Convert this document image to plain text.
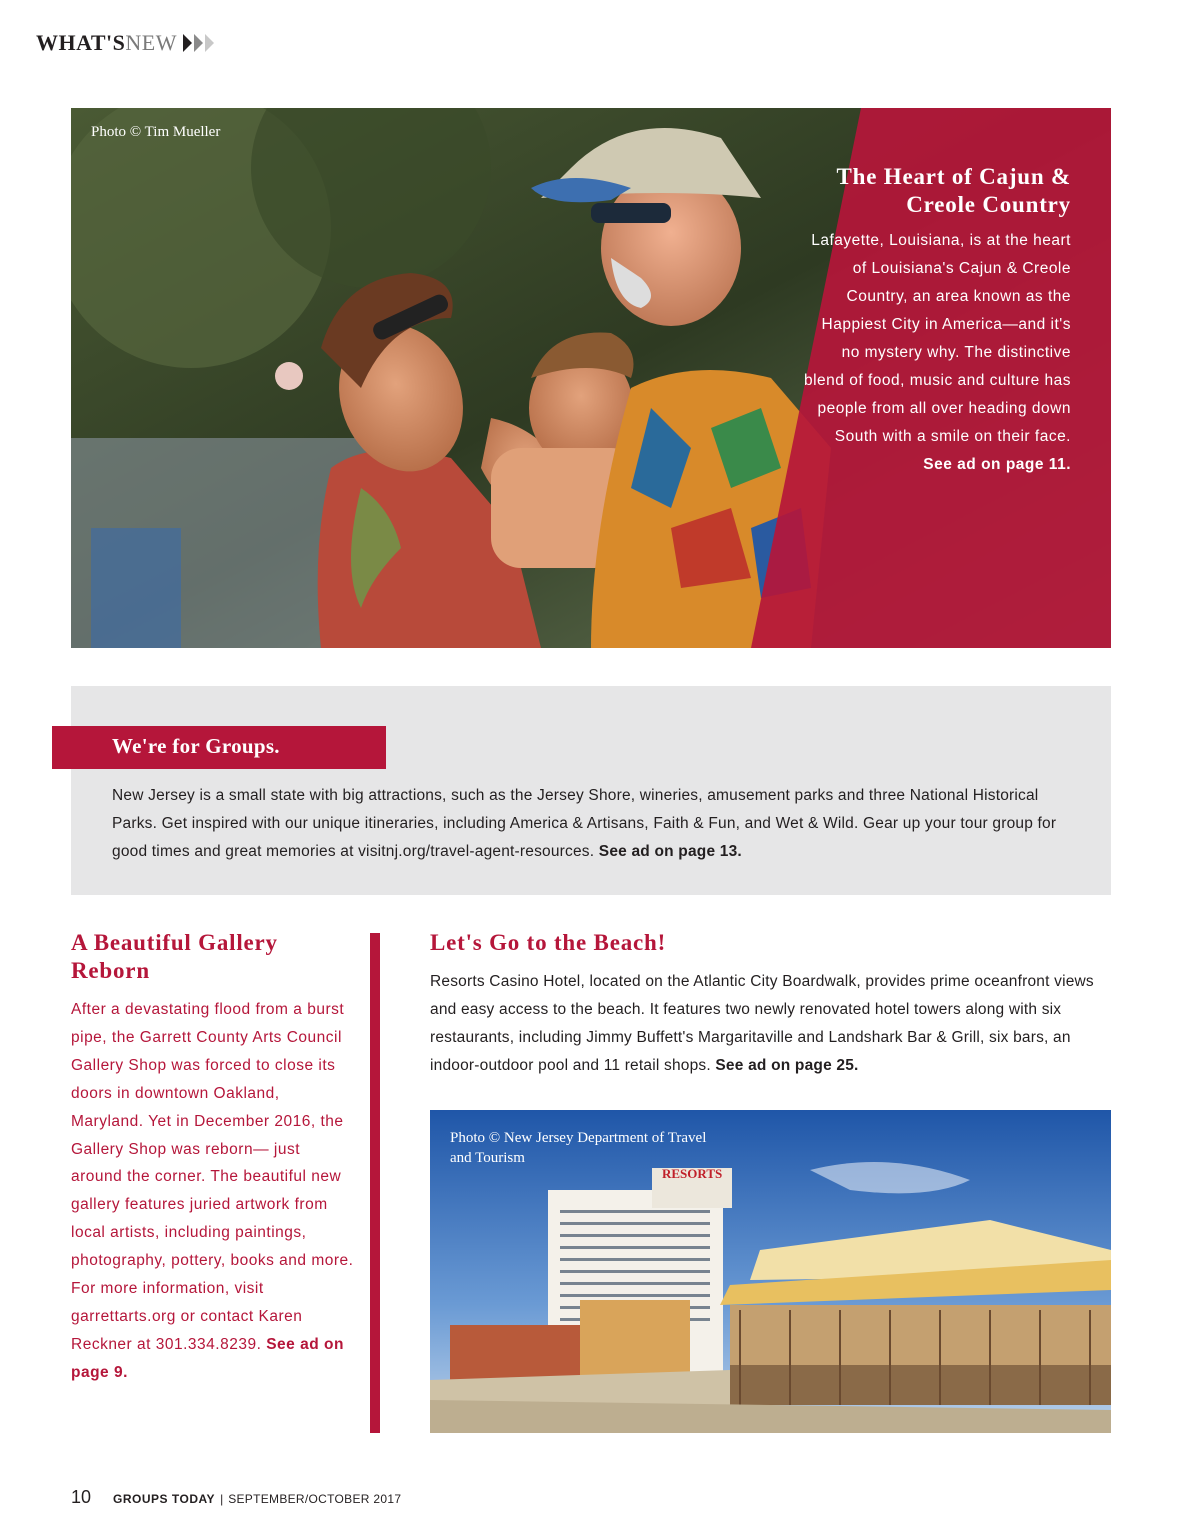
WHAT'S NEW
Photo © Tim Mueller
The Heart of Cajun & Creole Country
Lafayette, Louisiana, is at the heart of Louisiana's Cajun & Creole Country, an area known as the Happiest City in America—and it's no mystery why. The distinctive blend of food, music and culture has people from all over heading down South with a smile on their face. See ad on page 11.
We're for Groups.
New Jersey is a small state with big attractions, such as the Jersey Shore, wineries, amusement parks and three National Historical Parks. Get inspired with our unique itineraries, including America & Artisans, Faith & Fun, and Wet & Wild. Gear up your tour group for good times and great memories at visitnj.org/travel-agent-resources. See ad on page 13.
A Beautiful Gallery Reborn
After a devastating flood from a burst pipe, the Garrett County Arts Council Gallery Shop was forced to close its doors in downtown Oakland, Maryland. Yet in December 2016, the Gallery Shop was reborn— just around the corner. The beautiful new gallery features juried artwork from local artists, including paintings, photography, pottery, books and more. For more information, visit garrettarts.org or contact Karen Reckner at 301.334.8239. See ad on page 9.
Let's Go to the Beach!
Resorts Casino Hotel, located on the Atlantic City Boardwalk, provides prime oceanfront views and easy access to the beach. It features two newly renovated hotel towers along with six restaurants, including Jimmy Buffett's Margaritaville and Landshark Bar & Grill, six bars, an indoor-outdoor pool and 11 retail shops. See ad on page 25.
RESORTS
Photo © New Jersey Department of Travel and Tourism
10 GROUPS TODAY | SEPTEMBER/OCTOBER 2017
